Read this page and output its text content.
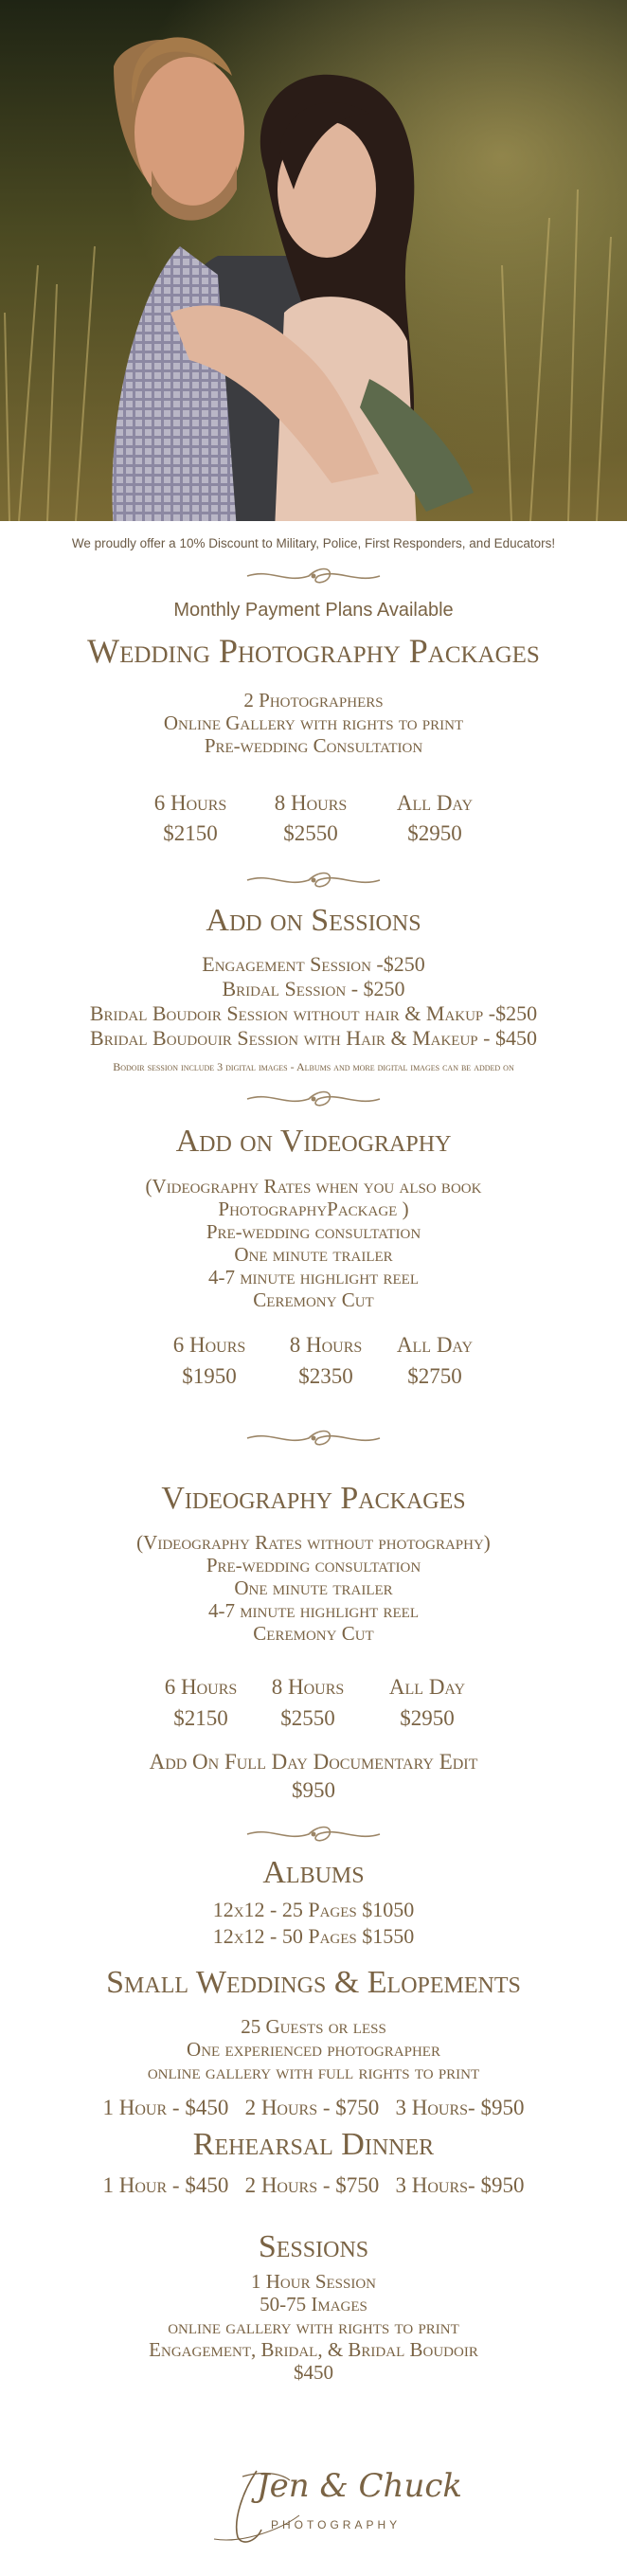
We proudly offer a 10% Discount to Military, Police, First Responders, and Educators!
Monthly Payment Plans Available
Wedding Photography Packages
2 Photographers
Online Gallery with rights to print
Pre-wedding Consultation
6 Hours
$2150
8 Hours
$2550
All Day
$2950
Add on Sessions
Engagement Session -$250
Bridal Session - $250
Bridal Boudoir Session without hair & Makup -$250
Bridal Boudouir Session with Hair & Makeup - $450
Bodoir session include 3 digital images - Albums and more digital images can be added on
Add on Videography
(Videography Rates when you also book
PhotographyPackage )
Pre-wedding consultation
One minute trailer
4-7 minute highlight reel
Ceremony Cut
6 Hours
$1950
8 Hours
$2350
All Day
$2750
Videography Packages
(Videography Rates without photography)
Pre-wedding consultation
One minute trailer
4-7 minute highlight reel
Ceremony Cut
6 Hours
$2150
8 Hours
$2550
All Day
$2950
Add On Full Day Documentary Edit
$950
Albums
12x12 - 25 Pages $1050
12x12 - 50 Pages $1550
Small Weddings & Elopements
25 Guests or less
One experienced photographer
online gallery with full rights to print
1 Hour - $450   2 Hours - $750   3 Hours- $950
Rehearsal Dinner
1 Hour - $450   2 Hours - $750   3 Hours- $950
Sessions
1 Hour Session
50-75 Images
online gallery with rights to print
Engagement, Bridal, & Bridal Boudoir
$450
Jen & Chuck
PHOTOGRAPHY
